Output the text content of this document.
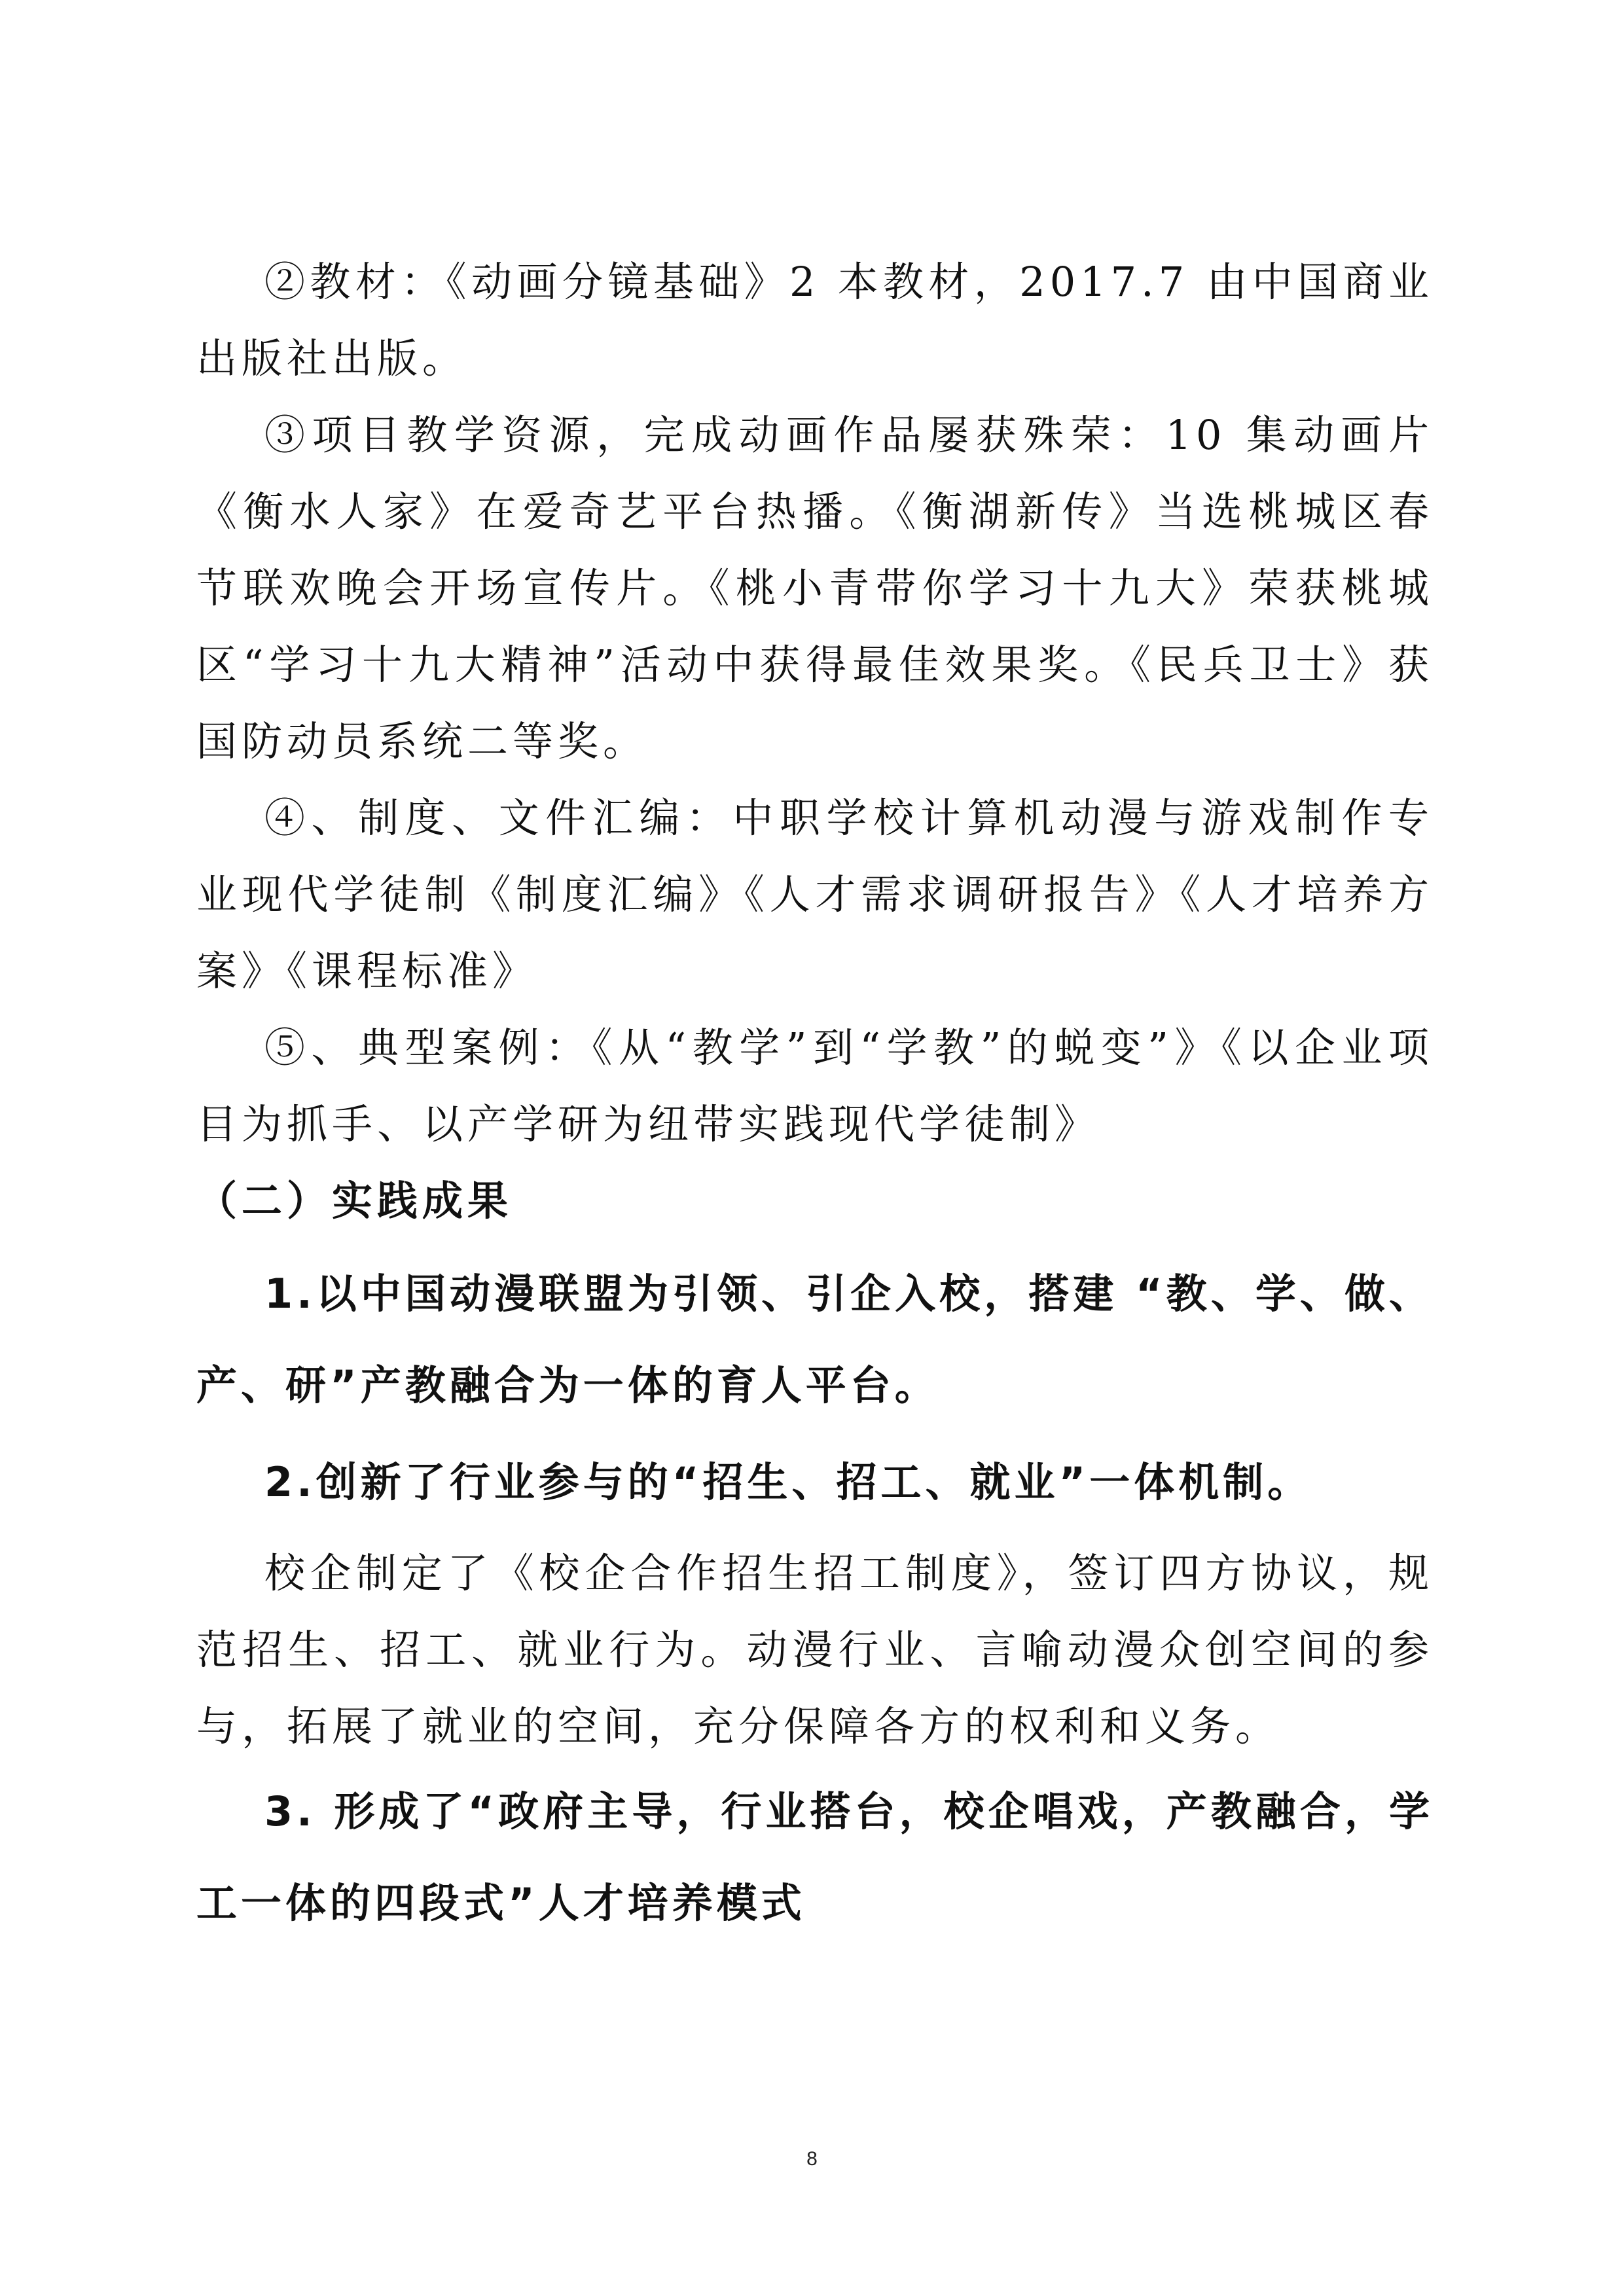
②教材：《动画分镜基础》2 本教材，2017.7 由中国商业出版社出版。

③项目教学资源，完成动画作品屡获殊荣：10 集动画片《衡水人家》在爱奇艺平台热播。《衡湖新传》当选桃城区春节联欢晚会开场宣传片。《桃小青带你学习十九大》荣获桃城区“学习十九大精神”活动中获得最佳效果奖。《民兵卫士》获国防动员系统二等奖。

④、制度、文件汇编：中职学校计算机动漫与游戏制作专业现代学徒制《制度汇编》《人才需求调研报告》《人才培养方案》《课程标准》

⑤、典型案例：《从“教学”到“学教”的蜕变”》《以企业项目为抓手、以产学研为纽带实践现代学徒制》

（二）实践成果

1.以中国动漫联盟为引领、引企入校，搭建 “教、学、做、产、研”产教融合为一体的育人平台。

2.创新了行业参与的“招生、招工、就业”一体机制。

校企制定了《校企合作招生招工制度》，签订四方协议，规范招生、招工、就业行为。动漫行业、言喻动漫众创空间的参与，拓展了就业的空间，充分保障各方的权利和义务。

3. 形成了“政府主导，行业搭台，校企唱戏，产教融合，学工一体的四段式”人才培养模式

8
